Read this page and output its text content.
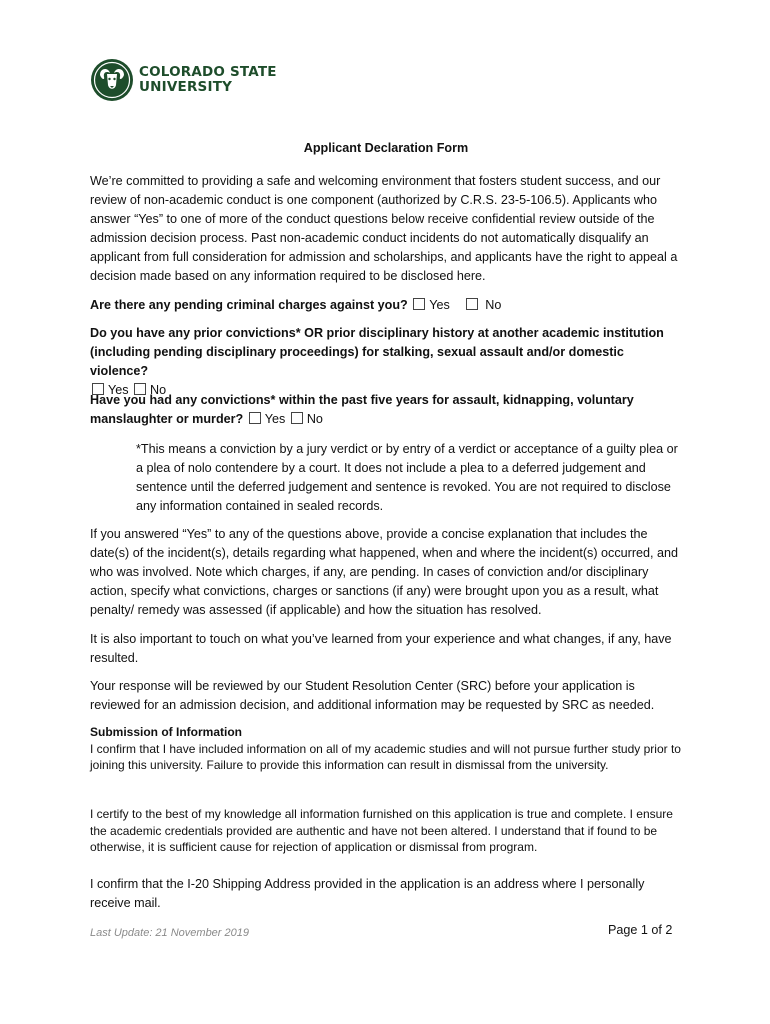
COLORADO STATE
UNIVERSITY
Applicant Declaration Form

We’re committed to providing a safe and welcoming environment that fosters student success, and our review of non-academic conduct is one component (authorized by C.R.S. 23-5-106.5). Applicants who answer “Yes” to one of more of the conduct questions below receive confidential review outside of the admission decision process. Past non-academic conduct incidents do not automatically disqualify an applicant from full consideration for admission and scholarships, and applicants have the right to appeal a decision made based on any information required to be disclosed here.

Are there any pending criminal charges against you? Yes	No
Do you have any prior convictions* OR prior disciplinary history at another academic institution (including pending disciplinary proceedings) for stalking, sexual assault and/or domestic violence?
Yes No
Have you had any convictions* within the past five years for assault, kidnapping, voluntary manslaughter or murder? Yes No

*This means a conviction by a jury verdict or by entry of a verdict or acceptance of a guilty plea or a plea of nolo contendere by a court. It does not include a plea to a deferred judgement and sentence until the deferred judgement and sentence is revoked. You are not required to disclose any information contained in sealed records.

If you answered “Yes” to any of the questions above, provide a concise explanation that includes the date(s) of the incident(s), details regarding what happened, when and where the incident(s) occurred, and who was involved. Note which charges, if any, are pending. In cases of conviction and/or disciplinary action, specify what convictions, charges or sanctions (if any) were brought upon you as a result, what penalty/ remedy was assessed (if applicable) and how the situation has resolved.

It is also important to touch on what you’ve learned from your experience and what changes, if any, have resulted.

Your response will be reviewed by our Student Resolution Center (SRC) before your application is reviewed for an admission decision, and additional information may be requested by SRC as needed.

Submission of Information
I confirm that I have included information on all of my academic studies and will not pursue further study prior to joining this university. Failure to provide this information can result in dismissal from the university.

I certify to the best of my knowledge all information furnished on this application is true and complete. I ensure the academic credentials provided are authentic and have not been altered. I understand that if found to be otherwise, it is sufficient cause for rejection of application or dismissal from program.

I confirm that the I-20 Shipping Address provided in the application is an address where I personally receive mail.

Last Update: 21 November 2019	Page 1 of 2
